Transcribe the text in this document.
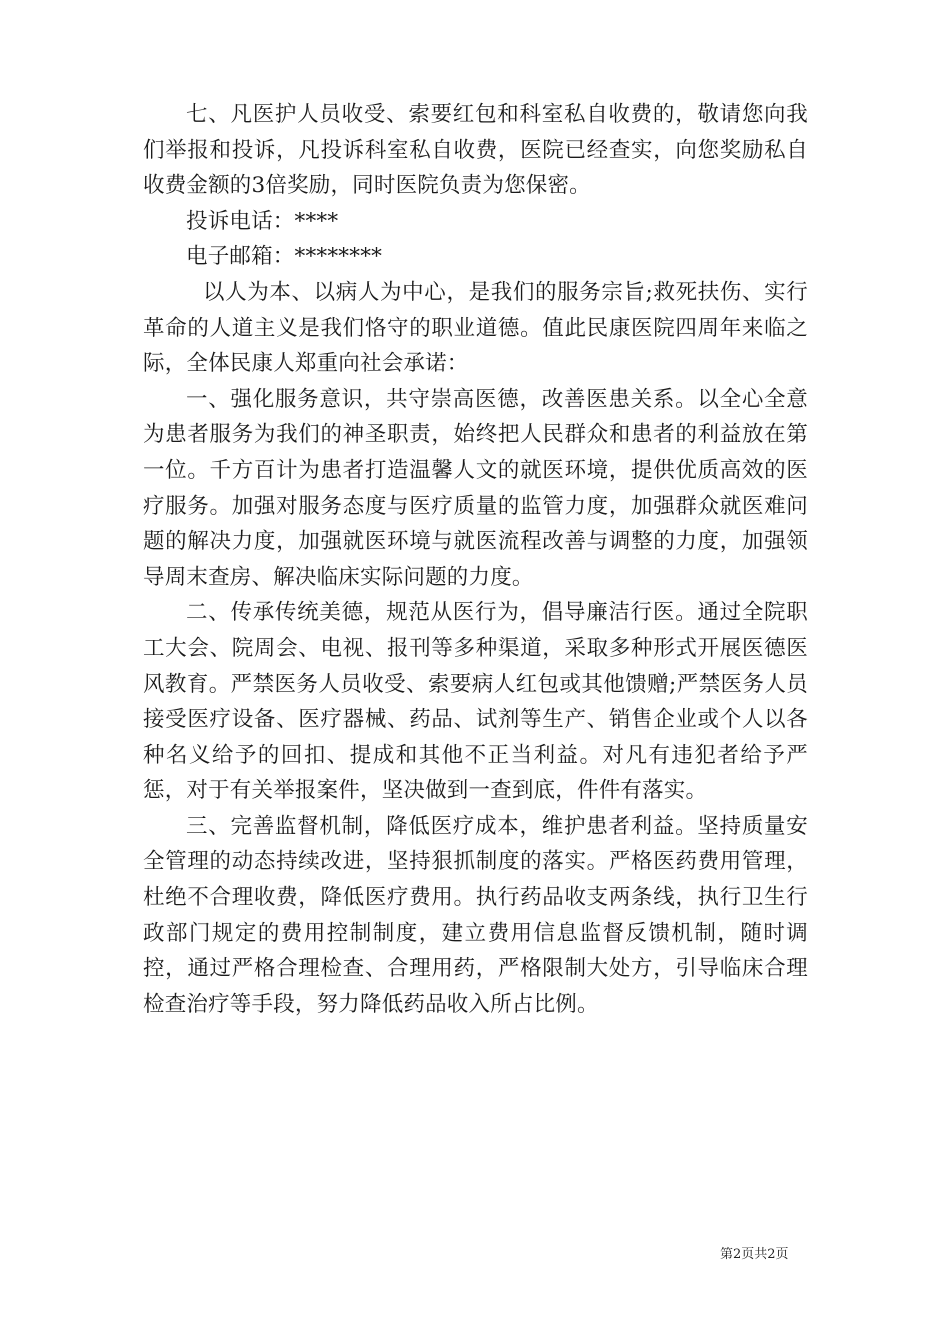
七、凡医护人员收受、索要红包和科室私自收费的，敬请您向我们举报和投诉，凡投诉科室私自收费，医院已经查实，向您奖励私自收费金额的3倍奖励，同时医院负责为您保密。

投诉电话：****

电子邮箱：********

以人为本、以病人为中心，是我们的服务宗旨;救死扶伤、实行革命的人道主义是我们恪守的职业道德。值此民康医院四周年来临之际，全体民康人郑重向社会承诺：

一、强化服务意识，共守崇高医德，改善医患关系。以全心全意为患者服务为我们的神圣职责，始终把人民群众和患者的利益放在第一位。千方百计为患者打造温馨人文的就医环境，提供优质高效的医疗服务。加强对服务态度与医疗质量的监管力度，加强群众就医难问题的解决力度，加强就医环境与就医流程改善与调整的力度，加强领导周末查房、解决临床实际问题的力度。

二、传承传统美德，规范从医行为，倡导廉洁行医。通过全院职工大会、院周会、电视、报刊等多种渠道，采取多种形式开展医德医风教育。严禁医务人员收受、索要病人红包或其他馈赠;严禁医务人员接受医疗设备、医疗器械、药品、试剂等生产、销售企业或个人以各种名义给予的回扣、提成和其他不正当利益。对凡有违犯者给予严惩，对于有关举报案件，坚决做到一查到底，件件有落实。

三、完善监督机制，降低医疗成本，维护患者利益。坚持质量安全管理的动态持续改进，坚持狠抓制度的落实。严格医药费用管理，杜绝不合理收费，降低医疗费用。执行药品收支两条线，执行卫生行政部门规定的费用控制制度，建立费用信息监督反馈机制，随时调控，通过严格合理检查、合理用药，严格限制大处方，引导临床合理检查治疗等手段，努力降低药品收入所占比例。

第2页共2页
